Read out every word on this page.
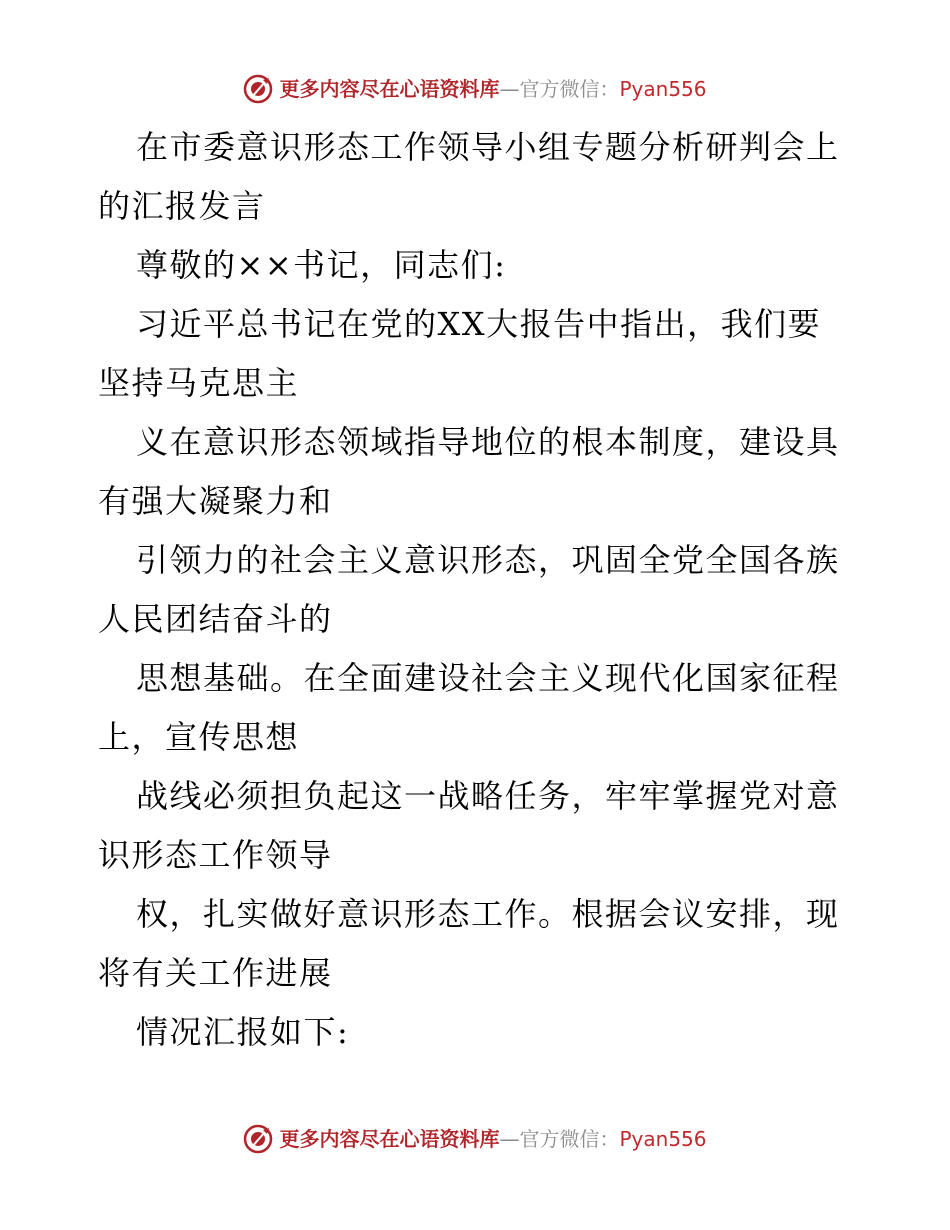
更多内容尽在心语资料库 —官方微信： Pyan556
在市委意识形态工作领导小组专题分析研判会上
的汇报发言
尊敬的××书记，同志们:
习近平总书记在党的XX大报告中指出，我们要
坚持马克思主
义在意识形态领域指导地位的根本制度，建设具
有强大凝聚力和
引领力的社会主义意识形态，巩固全党全国各族
人民团结奋斗的
思想基础。在全面建设社会主义现代化国家征程
上，宣传思想
战线必须担负起这一战略任务，牢牢掌握党对意
识形态工作领导
权，扎实做好意识形态工作。根据会议安排，现
将有关工作进展
情况汇报如下:
更多内容尽在心语资料库 —官方微信： Pyan556
